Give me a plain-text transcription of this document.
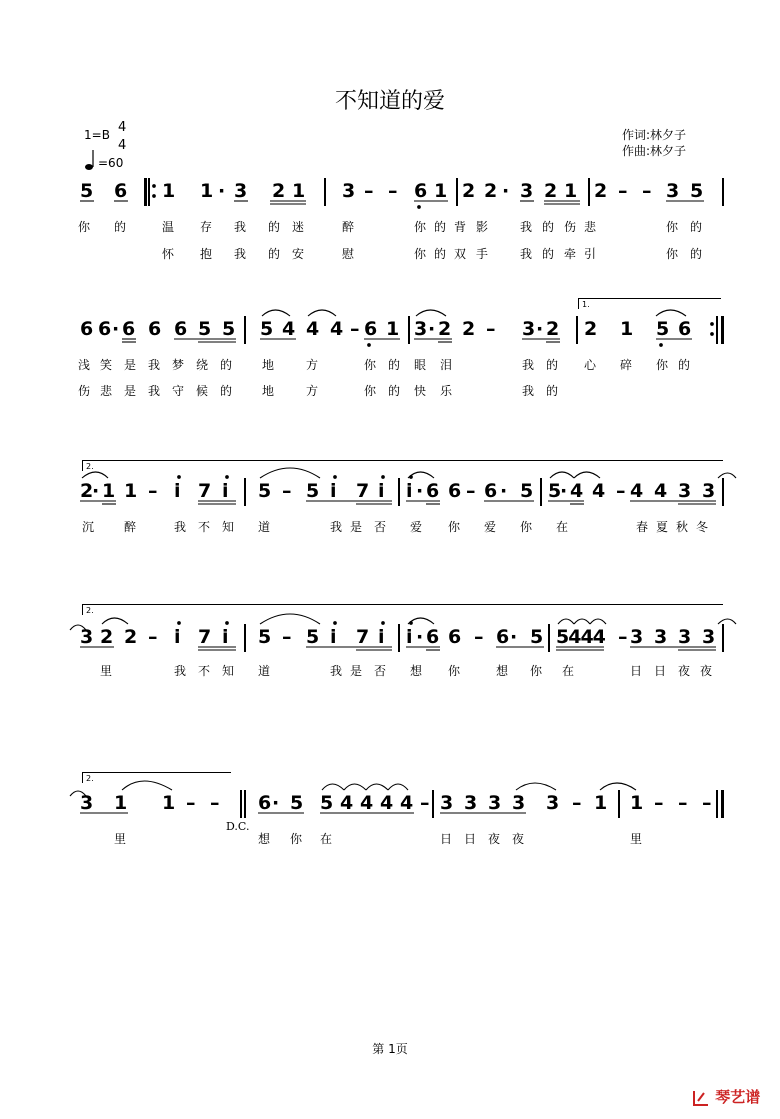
不知道的爱
1=B 4
4
=60
作词:林夕子
作曲:林夕子
5 6 1 1 · 3 2 1 3 – – 6 1 2 2 · 3 2 1 2 – – 3 5
你 的	温 存 我 的 迷	醉	你 的 背 影	我 的 伤 悲	你 的
怀 抱 我 的 安	慰	你 的 双 手	我 的 牵 引	你 的
6 6 · 6 6 6 5 5 5 4 4 4 – 6 1 3 · 2 2 – 3 · 2 2 1 5 6
浅 笑 是 我 梦 绕 的 地	方	你 的 眼 泪	我 的 心 碎 你 的
伤 悲 是 我 守 候 的 地	方	你 的 快 乐	我 的
2
· 1 1 – i 7 i 5 – 5 i 7 i i · 6 6 – 6 · 5 5
· 4 4 – 4 4 3 3
沉 醉	我 不 知 道	我 是 否 爱 你 爱 你 在	春 夏 秋 冬
3 2 2 – i 7 i 5 – 5 i 7 i i · 6 6 – 6 · 5 5444 – 3 3 3 3
里	我 不 知 道	我 是 否 想 你	想 你 在	日 日 夜 夜
3 1 1 – – 6 · 5 5 4 4 4 4 – 3 3 3 3 3 – 1 1 – – –
里	想 你 在	日 日 夜 夜	里
D.C.
1.
2.
2.
2.
第 1页
琴艺谱
